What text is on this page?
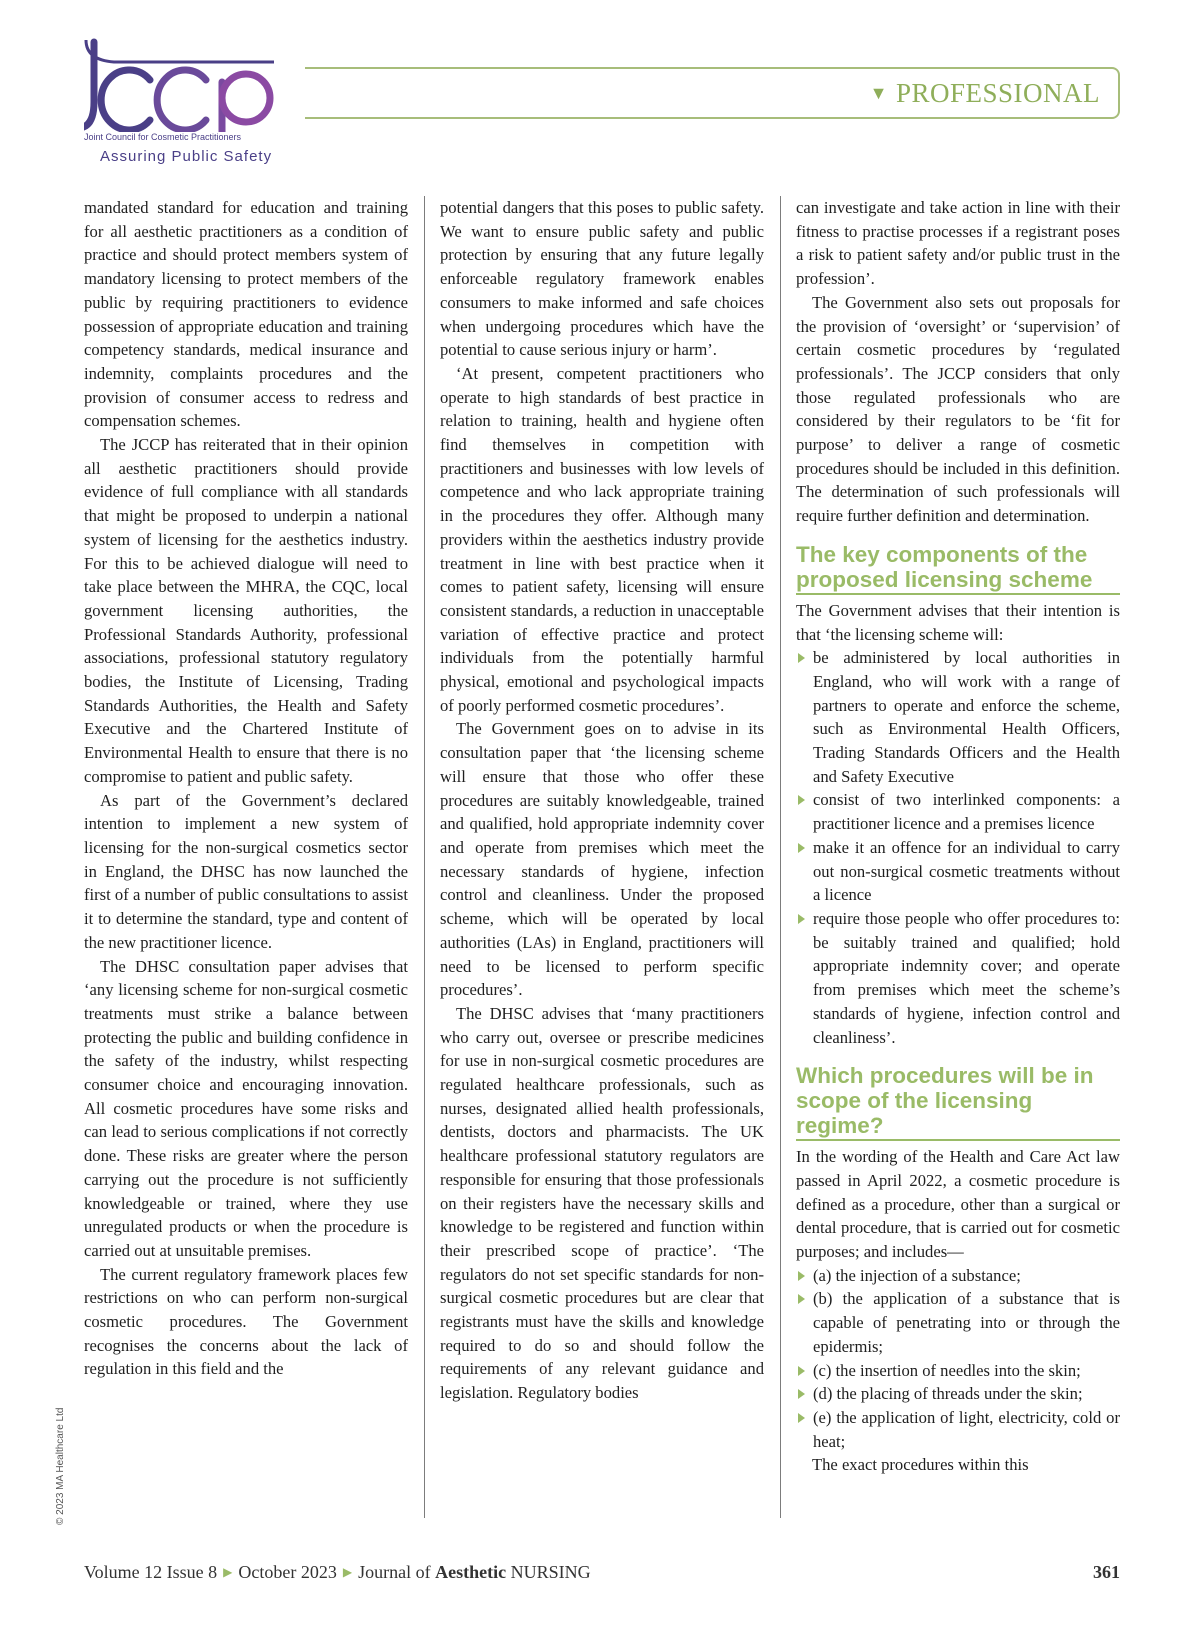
Joint Council for Cosmetic Practitioners
Assuring Public Safety
▼ PROFESSIONAL

mandated standard for education and training for all aesthetic practitioners as a condition of practice and should protect members system of mandatory licensing to protect members of the public by requiring practitioners to evidence possession of appropriate education and training competency standards, medical insurance and indemnity, complaints procedures and the provision of consumer access to redress and compensation schemes.

The JCCP has reiterated that in their opinion all aesthetic practitioners should provide evidence of full compliance with all standards that might be proposed to underpin a national system of licensing for the aesthetics industry. For this to be achieved dialogue will need to take place between the MHRA, the CQC, local government licensing authorities, the Professional Standards Authority, professional associations, professional statutory regulatory bodies, the Institute of Licensing, Trading Standards Authorities, the Health and Safety Executive and the Chartered Institute of Environmental Health to ensure that there is no compromise to patient and public safety.

As part of the Government’s declared intention to implement a new system of licensing for the non-surgical cosmetics sector in England, the DHSC has now launched the first of a number of public consultations to assist it to determine the standard, type and content of the new practitioner licence.

The DHSC consultation paper advises that ‘any licensing scheme for non-surgical cosmetic treatments must strike a balance between protecting the public and building confidence in the safety of the industry, whilst respecting consumer choice and encouraging innovation. All cosmetic procedures have some risks and can lead to serious complications if not correctly done. These risks are greater where the person carrying out the procedure is not sufficiently knowledgeable or trained, where they use unregulated products or when the procedure is carried out at unsuitable premises.

The current regulatory framework places few restrictions on who can perform non-surgical cosmetic procedures. The Government recognises the concerns about the lack of regulation in this field and the

potential dangers that this poses to public safety. We want to ensure public safety and public protection by ensuring that any future legally enforceable regulatory framework enables consumers to make informed and safe choices when undergoing procedures which have the potential to cause serious injury or harm’.

‘At present, competent practitioners who operate to high standards of best practice in relation to training, health and hygiene often find themselves in competition with practitioners and businesses with low levels of competence and who lack appropriate training in the procedures they offer. Although many providers within the aesthetics industry provide treatment in line with best practice when it comes to patient safety, licensing will ensure consistent standards, a reduction in unacceptable variation of effective practice and protect individuals from the potentially harmful physical, emotional and psychological impacts of poorly performed cosmetic procedures’.

The Government goes on to advise in its consultation paper that ‘the licensing scheme will ensure that those who offer these procedures are suitably knowledgeable, trained and qualified, hold appropriate indemnity cover and operate from premises which meet the necessary standards of hygiene, infection control and cleanliness. Under the proposed scheme, which will be operated by local authorities (LAs) in England, practitioners will need to be licensed to perform specific procedures’.

The DHSC advises that ‘many practitioners who carry out, oversee or prescribe medicines for use in non-surgical cosmetic procedures are regulated healthcare professionals, such as nurses, designated allied health professionals, dentists, doctors and pharmacists. The UK healthcare professional statutory regulators are responsible for ensuring that those professionals on their registers have the necessary skills and knowledge to be registered and function within their prescribed scope of practice’. ‘The regulators do not set specific standards for non-surgical cosmetic procedures but are clear that registrants must have the skills and knowledge required to do so and should follow the requirements of any relevant guidance and legislation. Regulatory bodies

can investigate and take action in line with their fitness to practise processes if a registrant poses a risk to patient safety and/or public trust in the profession’.

The Government also sets out proposals for the provision of ‘oversight’ or ‘supervision’ of certain cosmetic procedures by ‘regulated professionals’. The JCCP considers that only those regulated professionals who are considered by their regulators to be ‘fit for purpose’ to deliver a range of cosmetic procedures should be included in this definition. The determination of such professionals will require further definition and determination.

The key components of the proposed licensing scheme

The Government advises that their intention is that ‘the licensing scheme will:

be administered by local authorities in England, who will work with a range of partners to operate and enforce the scheme, such as Environmental Health Officers, Trading Standards Officers and the Health and Safety Executive
consist of two interlinked components: a practitioner licence and a premises licence
make it an offence for an individual to carry out non-surgical cosmetic treatments without a licence
require those people who offer procedures to: be suitably trained and qualified; hold appropriate indemnity cover; and operate from premises which meet the scheme’s standards of hygiene, infection control and cleanliness’.
Which procedures will be in scope of the licensing regime?

In the wording of the Health and Care Act law passed in April 2022, a cosmetic procedure is defined as a procedure, other than a surgical or dental procedure, that is carried out for cosmetic purposes; and includes—

(a) the injection of a substance;
(b) the application of a substance that is capable of penetrating into or through the epidermis;
(c) the insertion of needles into the skin;
(d) the placing of threads under the skin;
(e) the application of light, electricity, cold or heat;

The exact procedures within this

© 2023 MA Healthcare Ltd
Volume 12 Issue 8 ▶ October 2023 ▶ Journal of Aesthetic NURSING	361
